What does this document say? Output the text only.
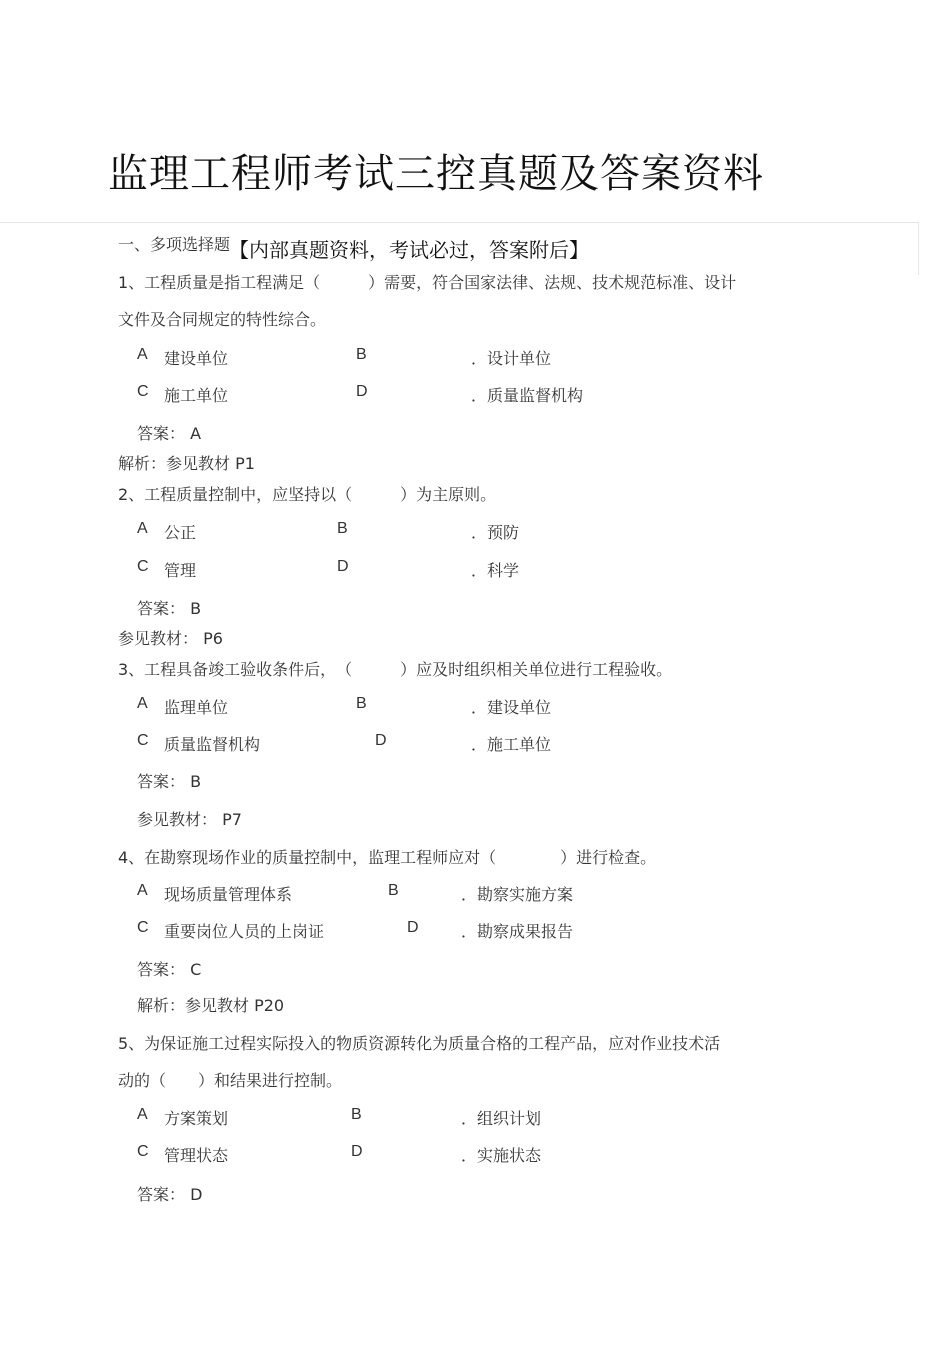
监理工程师考试三控真题及答案资料
一、多项选择题
【内部真题资料，考试必过，答案附后】
1、工程质量是指工程满足（　　　）需要，符合国家法律、法规、技术规范标准、设计
文件及合同规定的特性综合。
A 建设单位	B	．设计单位
C 施工单位	D	．质量监督机构
答案： A
解析：参见教材 P1
2、工程质量控制中，应坚持以（　　　）为主原则。
A 公正	B	．预防
C 管理	D	．科学
答案： B
参见教材： P6
3、工程具备竣工验收条件后，　（　　　）应及时组织相关单位进行工程验收。
A 监理单位	B	．建设单位
C 质量监督机构	D	．施工单位
答案： B
参见教材： P7
4、在勘察现场作业的质量控制中，监理工程师应对（　　　　）进行检查。
A 现场质量管理体系	B	．勘察实施方案
C 重要岗位人员的上岗证	D	．勘察成果报告
答案： C
解析：参见教材 P20
5、为保证施工过程实际投入的物质资源转化为质量合格的工程产品，应对作业技术活
动的（　　）和结果进行控制。
A 方案策划	B	．组织计划
C 管理状态	D	．实施状态
答案： D
